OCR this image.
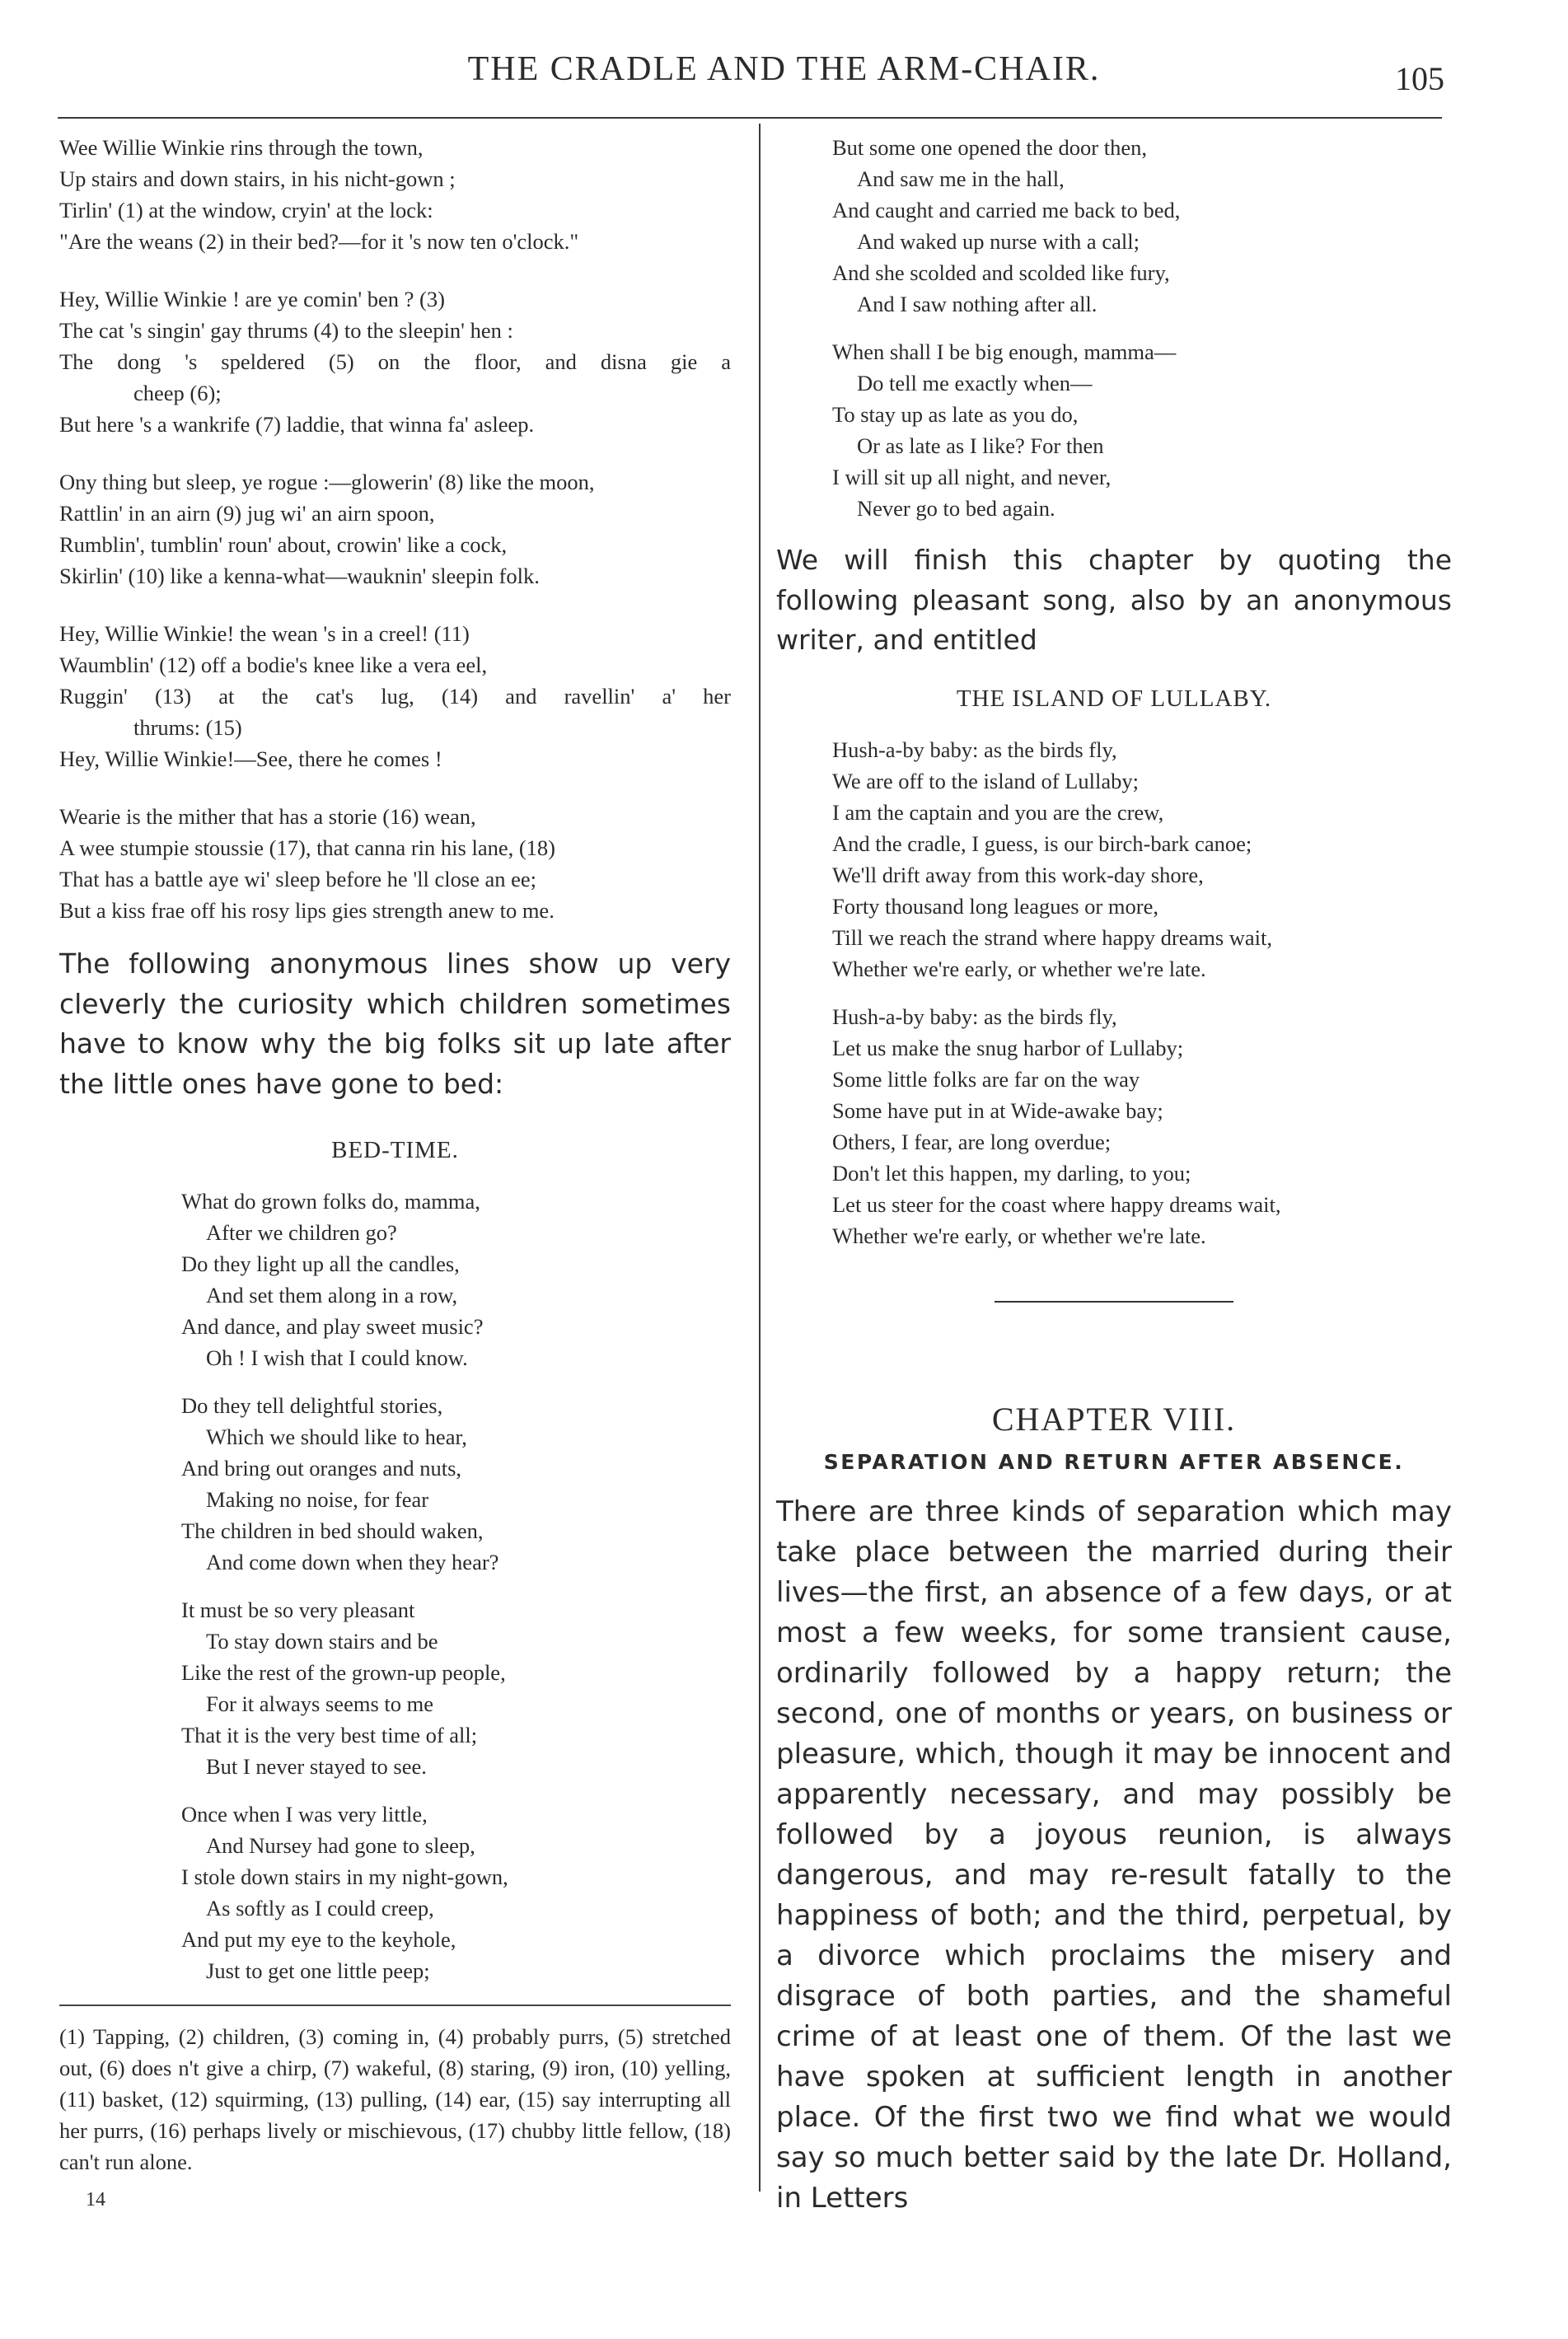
THE CRADLE AND THE ARM-CHAIR.	105
Wee Willie Winkie rins through the town,
Up stairs and down stairs, in his nicht-gown ;
Tirlin' (1) at the window, cryin' at the lock:
"Are the weans (2) in their bed?—for it 's now ten o'clock."
Hey, Willie Winkie ! are ye comin' ben ? (3)
The cat 's singin' gay thrums (4) to the sleepin' hen :
The dong 's speldered (5) on the floor, and disna gie a
cheep (6);
But here 's a wankrife (7) laddie, that winna fa' asleep.
Ony thing but sleep, ye rogue :—glowerin' (8) like the moon,
Rattlin' in an airn (9) jug wi' an airn spoon,
Rumblin', tumblin' roun' about, crowin' like a cock,
Skirlin' (10) like a kenna-what—wauknin' sleepin folk.
Hey, Willie Winkie! the wean 's in a creel! (11)
Waumblin' (12) off a bodie's knee like a vera eel,
Ruggin' (13) at the cat's lug, (14) and ravellin' a' her
thrums: (15)
Hey, Willie Winkie!—See, there he comes !
Wearie is the mither that has a storie (16) wean,
A wee stumpie stoussie (17), that canna rin his lane, (18)
That has a battle aye wi' sleep before he 'll close an ee;
But a kiss frae off his rosy lips gies strength anew to me.

The following anonymous lines show up very cleverly the curiosity which children sometimes have to know why the big folks sit up late after the little ones have gone to bed:

BED-TIME.
What do grown folks do, mamma,
After we children go?
Do they light up all the candles,
And set them along in a row,
And dance, and play sweet music?
Oh ! I wish that I could know.
Do they tell delightful stories,
Which we should like to hear,
And bring out oranges and nuts,
Making no noise, for fear
The children in bed should waken,
And come down when they hear?
It must be so very pleasant
To stay down stairs and be
Like the rest of the grown-up people,
For it always seems to me
That it is the very best time of all;
But I never stayed to see.
Once when I was very little,
And Nursey had gone to sleep,
I stole down stairs in my night-gown,
As softly as I could creep,
And put my eye to the keyhole,
Just to get one little peep;

(1) Tapping, (2) children, (3) coming in, (4) probably purrs, (5) stretched out, (6) does n't give a chirp, (7) wakeful, (8) staring, (9) iron, (10) yelling, (11) basket, (12) squirming, (13) pulling, (14) ear, (15) say interrupting all her purrs, (16) perhaps lively or mischievous, (17) chubby little fellow, (18) can't run alone.

14
But some one opened the door then,
And saw me in the hall,
And caught and carried me back to bed,
And waked up nurse with a call;
And she scolded and scolded like fury,
And I saw nothing after all.
When shall I be big enough, mamma—
Do tell me exactly when—
To stay up as late as you do,
Or as late as I like? For then
I will sit up all night, and never,
Never go to bed again.

We will finish this chapter by quoting the following pleasant song, also by an anonymous writer, and entitled

THE ISLAND OF LULLABY.
Hush-a-by baby: as the birds fly,
We are off to the island of Lullaby;
I am the captain and you are the crew,
And the cradle, I guess, is our birch-bark canoe;
We'll drift away from this work-day shore,
Forty thousand long leagues or more,
Till we reach the strand where happy dreams wait,
Whether we're early, or whether we're late.
Hush-a-by baby: as the birds fly,
Let us make the snug harbor of Lullaby;
Some little folks are far on the way
Some have put in at Wide-awake bay;
Others, I fear, are long overdue;
Don't let this happen, my darling, to you;
Let us steer for the coast where happy dreams wait,
Whether we're early, or whether we're late.
CHAPTER VIII.
SEPARATION AND RETURN AFTER ABSENCE.

There are three kinds of separation which may take place between the married during their lives—the first, an absence of a few days, or at most a few weeks, for some transient cause, ordinarily followed by a happy return; the second, one of months or years, on business or pleasure, which, though it may be innocent and apparently necessary, and may possibly be followed by a joyous reunion, is always dangerous, and may re-result fatally to the happiness of both; and the third, perpetual, by a divorce which proclaims the misery and disgrace of both parties, and the shameful crime of at least one of them. Of the last we have spoken at sufficient length in another place. Of the first two we find what we would say so much better said by the late Dr. Holland, in Letters
